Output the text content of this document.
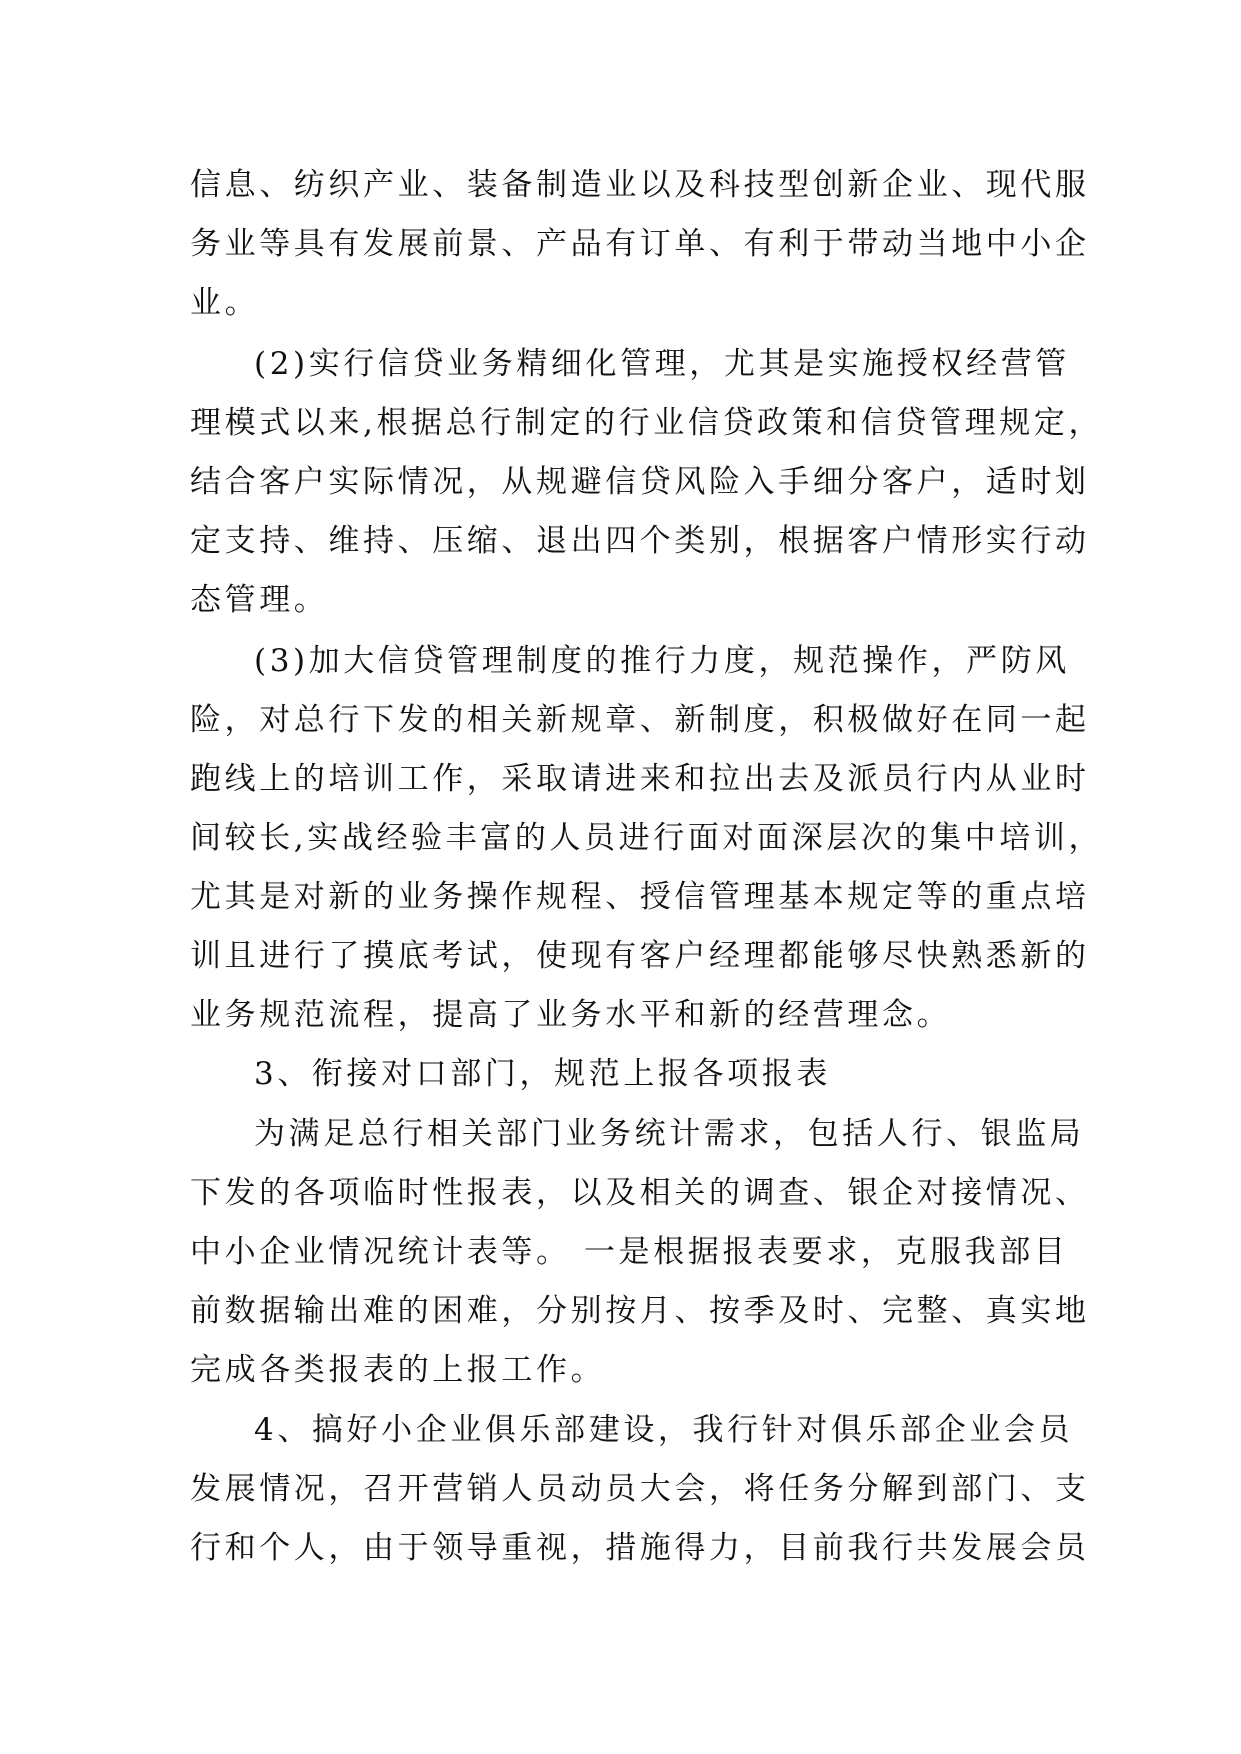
信息、纺织产业、装备制造业以及科技型创新企业、现代服
务业等具有发展前景、产品有订单、有利于带动当地中小企
业。
(2)实行信贷业务精细化管理，尤其是实施授权经营管
理模式以来,根据总行制定的行业信贷政策和信贷管理规定，
结合客户实际情况，从规避信贷风险入手细分客户，适时划
定支持、维持、压缩、退出四个类别，根据客户情形实行动
态管理。
(3)加大信贷管理制度的推行力度，规范操作，严防风
险，对总行下发的相关新规章、新制度，积极做好在同一起
跑线上的培训工作，采取请进来和拉出去及派员行内从业时
间较长,实战经验丰富的人员进行面对面深层次的集中培训，
尤其是对新的业务操作规程、授信管理基本规定等的重点培
训且进行了摸底考试，使现有客户经理都能够尽快熟悉新的
业务规范流程，提高了业务水平和新的经营理念。
3、衔接对口部门，规范上报各项报表
为满足总行相关部门业务统计需求，包括人行、银监局
下发的各项临时性报表，以及相关的调查、银企对接情况、
中小企业情况统计表等。 一是根据报表要求，克服我部目
前数据输出难的困难，分别按月、按季及时、完整、真实地
完成各类报表的上报工作。
4、搞好小企业俱乐部建设，我行针对俱乐部企业会员
发展情况，召开营销人员动员大会，将任务分解到部门、支
行和个人，由于领导重视，措施得力，目前我行共发展会员
